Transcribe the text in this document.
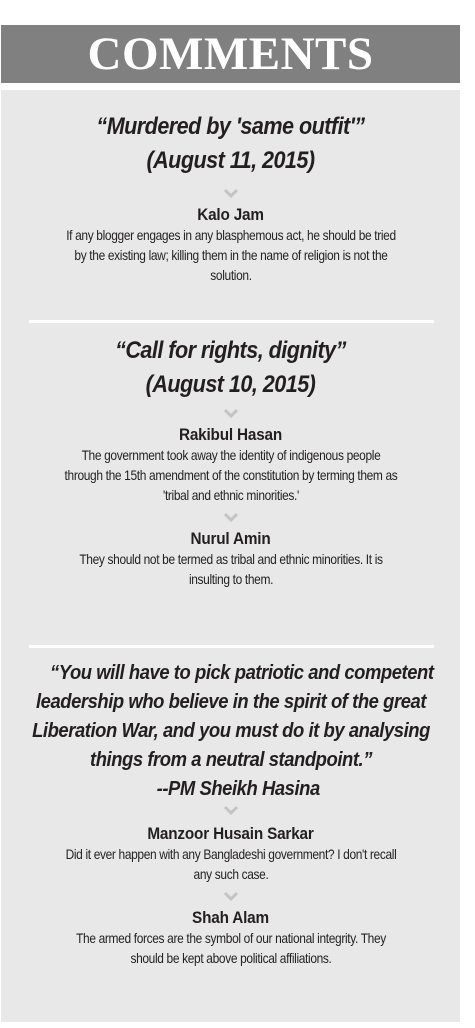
COMMENTS
“Murdered by 'same outfit'”
(August 11, 2015)
Kalo Jam
If any blogger engages in any blasphemous act, he should be tried
by the existing law; killing them in the name of religion is not the
solution.
“Call for rights, dignity”
(August 10, 2015)
Rakibul Hasan
The government took away the identity of indigenous people
through the 15th amendment of the constitution by terming them as
'tribal and ethnic minorities.'
Nurul Amin
They should not be termed as tribal and ethnic minorities. It is
insulting to them.
“You will have to pick patriotic and competent
leadership who believe in the spirit of the great
Liberation War, and you must do it by analysing
things from a neutral standpoint.”
--PM Sheikh Hasina
Manzoor Husain Sarkar
Did it ever happen with any Bangladeshi government? I don't recall
any such case.
Shah Alam
The armed forces are the symbol of our national integrity. They
should be kept above political affiliations.
